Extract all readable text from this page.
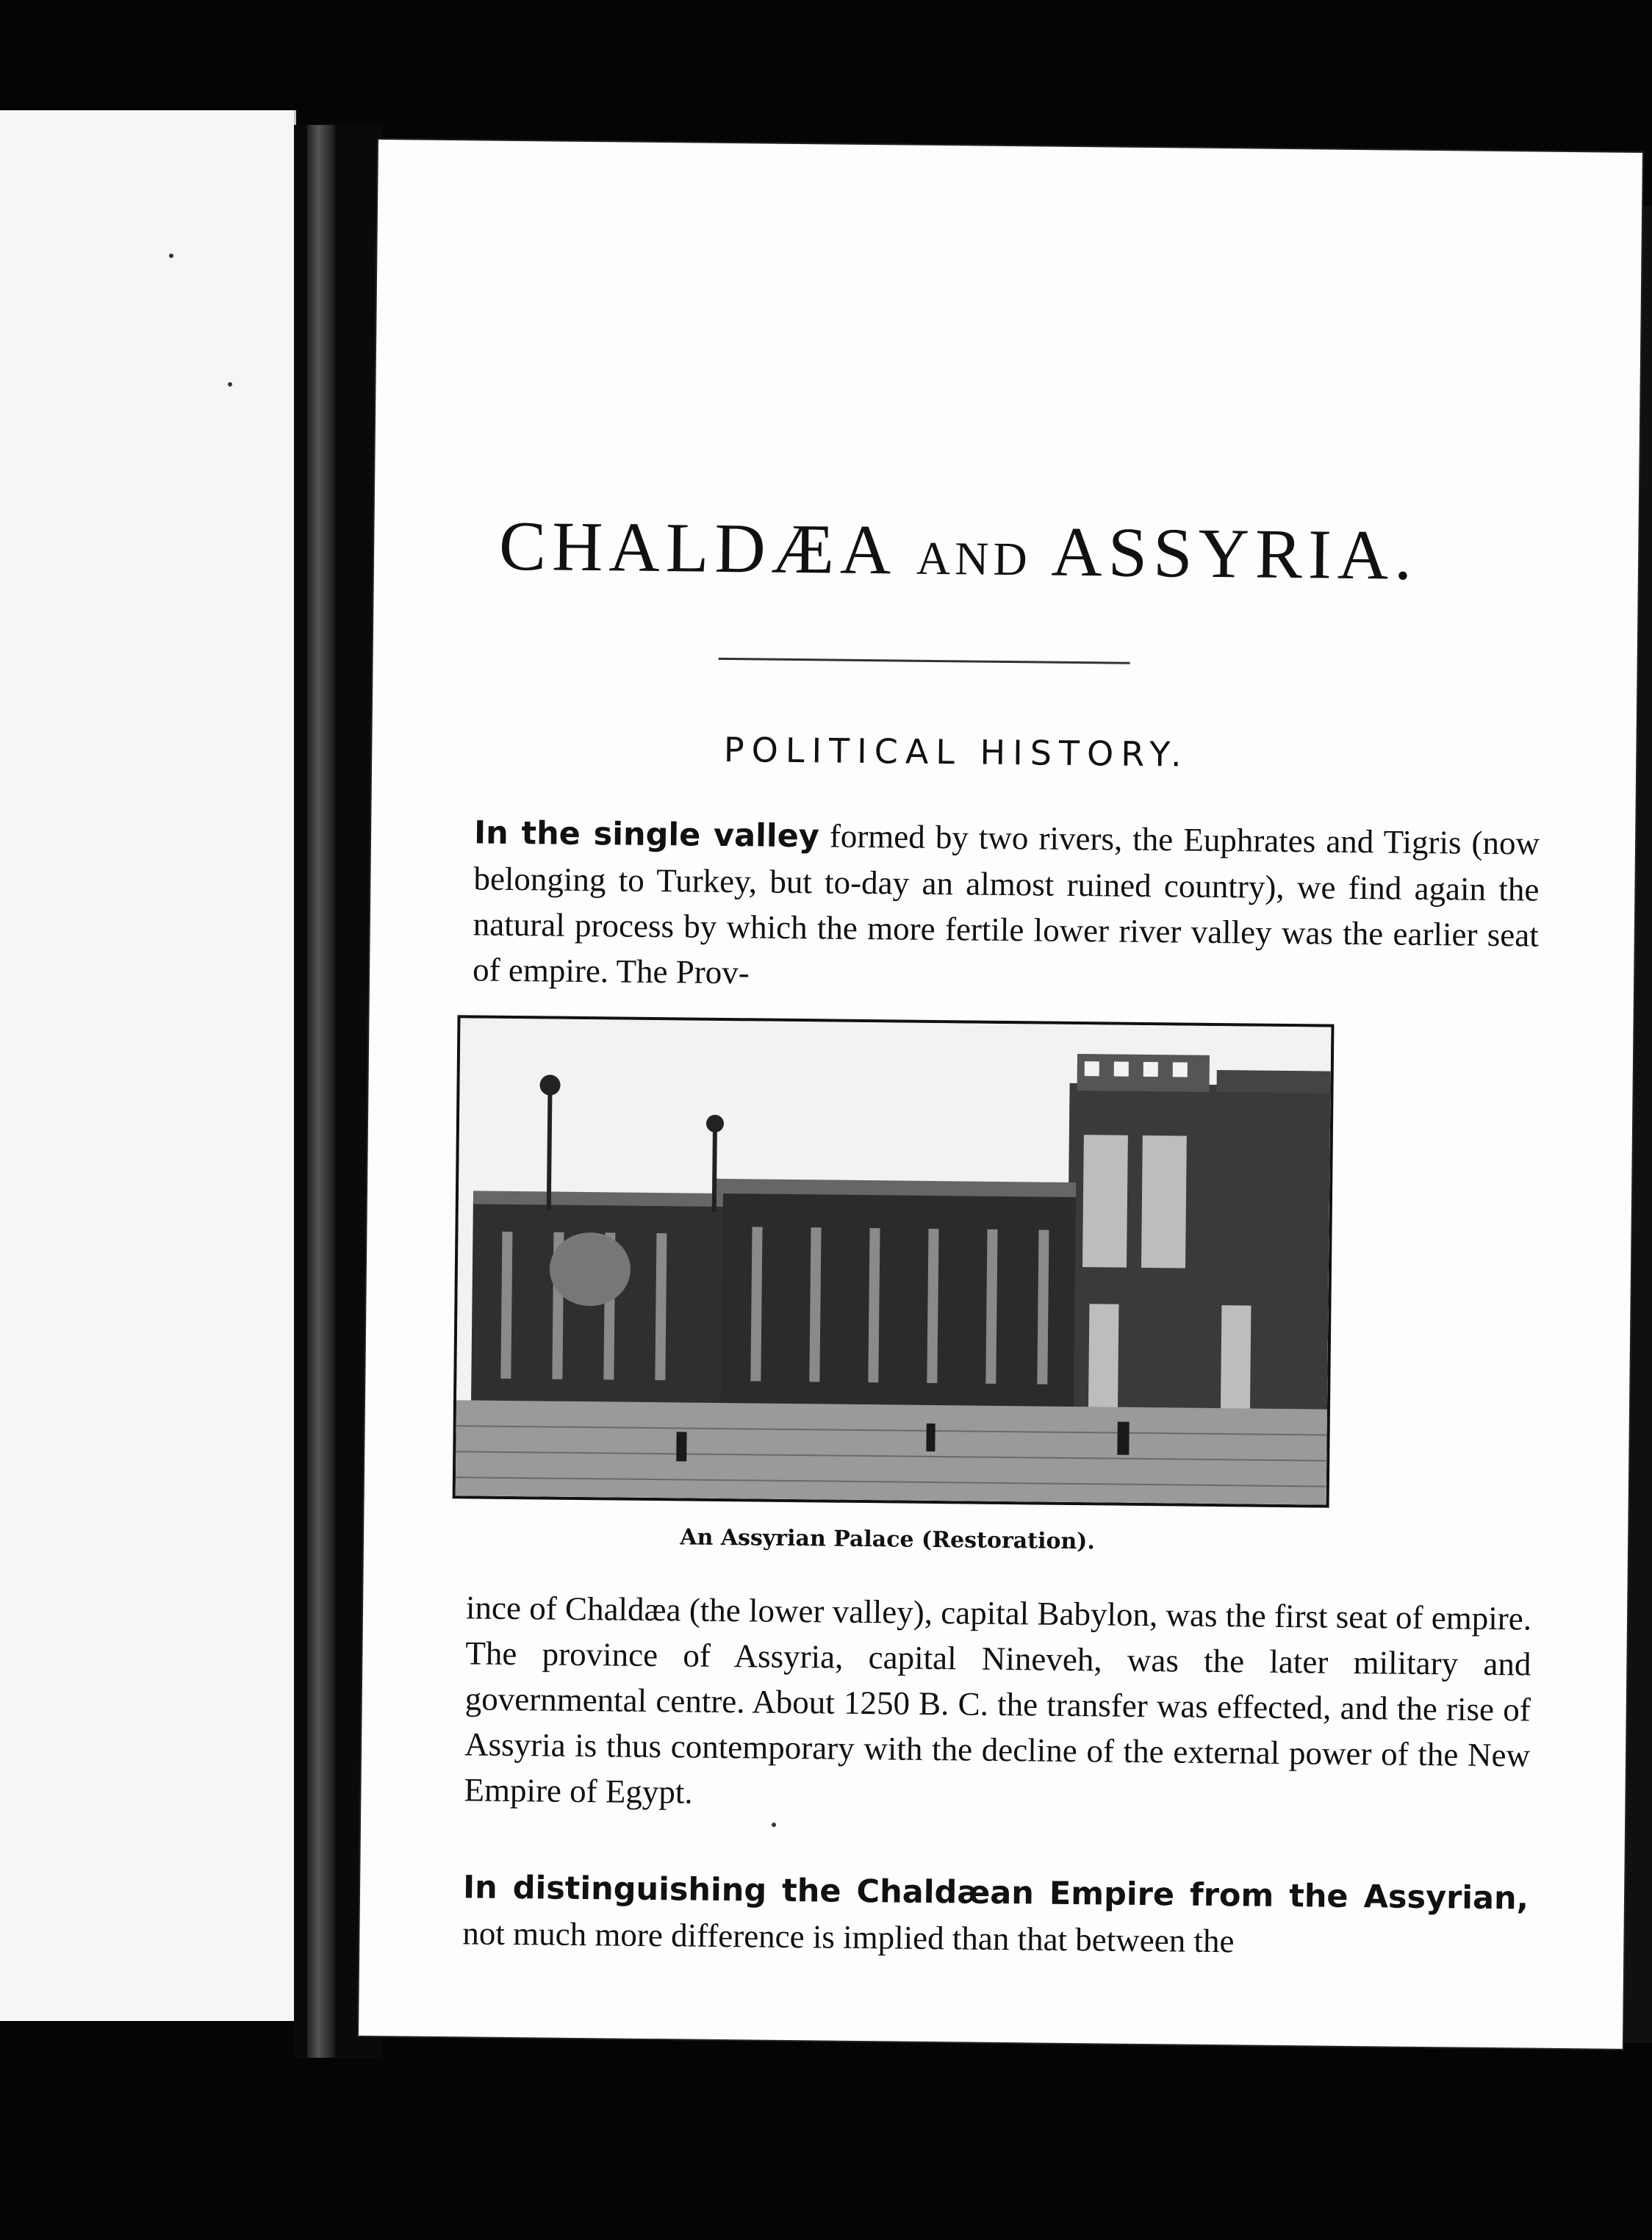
CHALDÆA AND ASSYRIA.
POLITICAL HISTORY.
In the single valley formed by two rivers, the Euphrates and Tigris (now belonging to Turkey, but to-day an almost ruined country), we find again the natural process by which the more fertile lower river valley was the earlier seat of empire. The Prov-
An Assyrian Palace (Restoration).
ince of Chaldæa (the lower valley), capital Babylon, was the first seat of empire. The province of Assyria, capital Nineveh, was the later military and governmental centre. About 1250 B. C. the transfer was effected, and the rise of Assyria is thus contemporary with the decline of the external power of the New Empire of Egypt.
In distinguishing the Chaldæan Empire from the Assyrian, not much more difference is implied than that between the
